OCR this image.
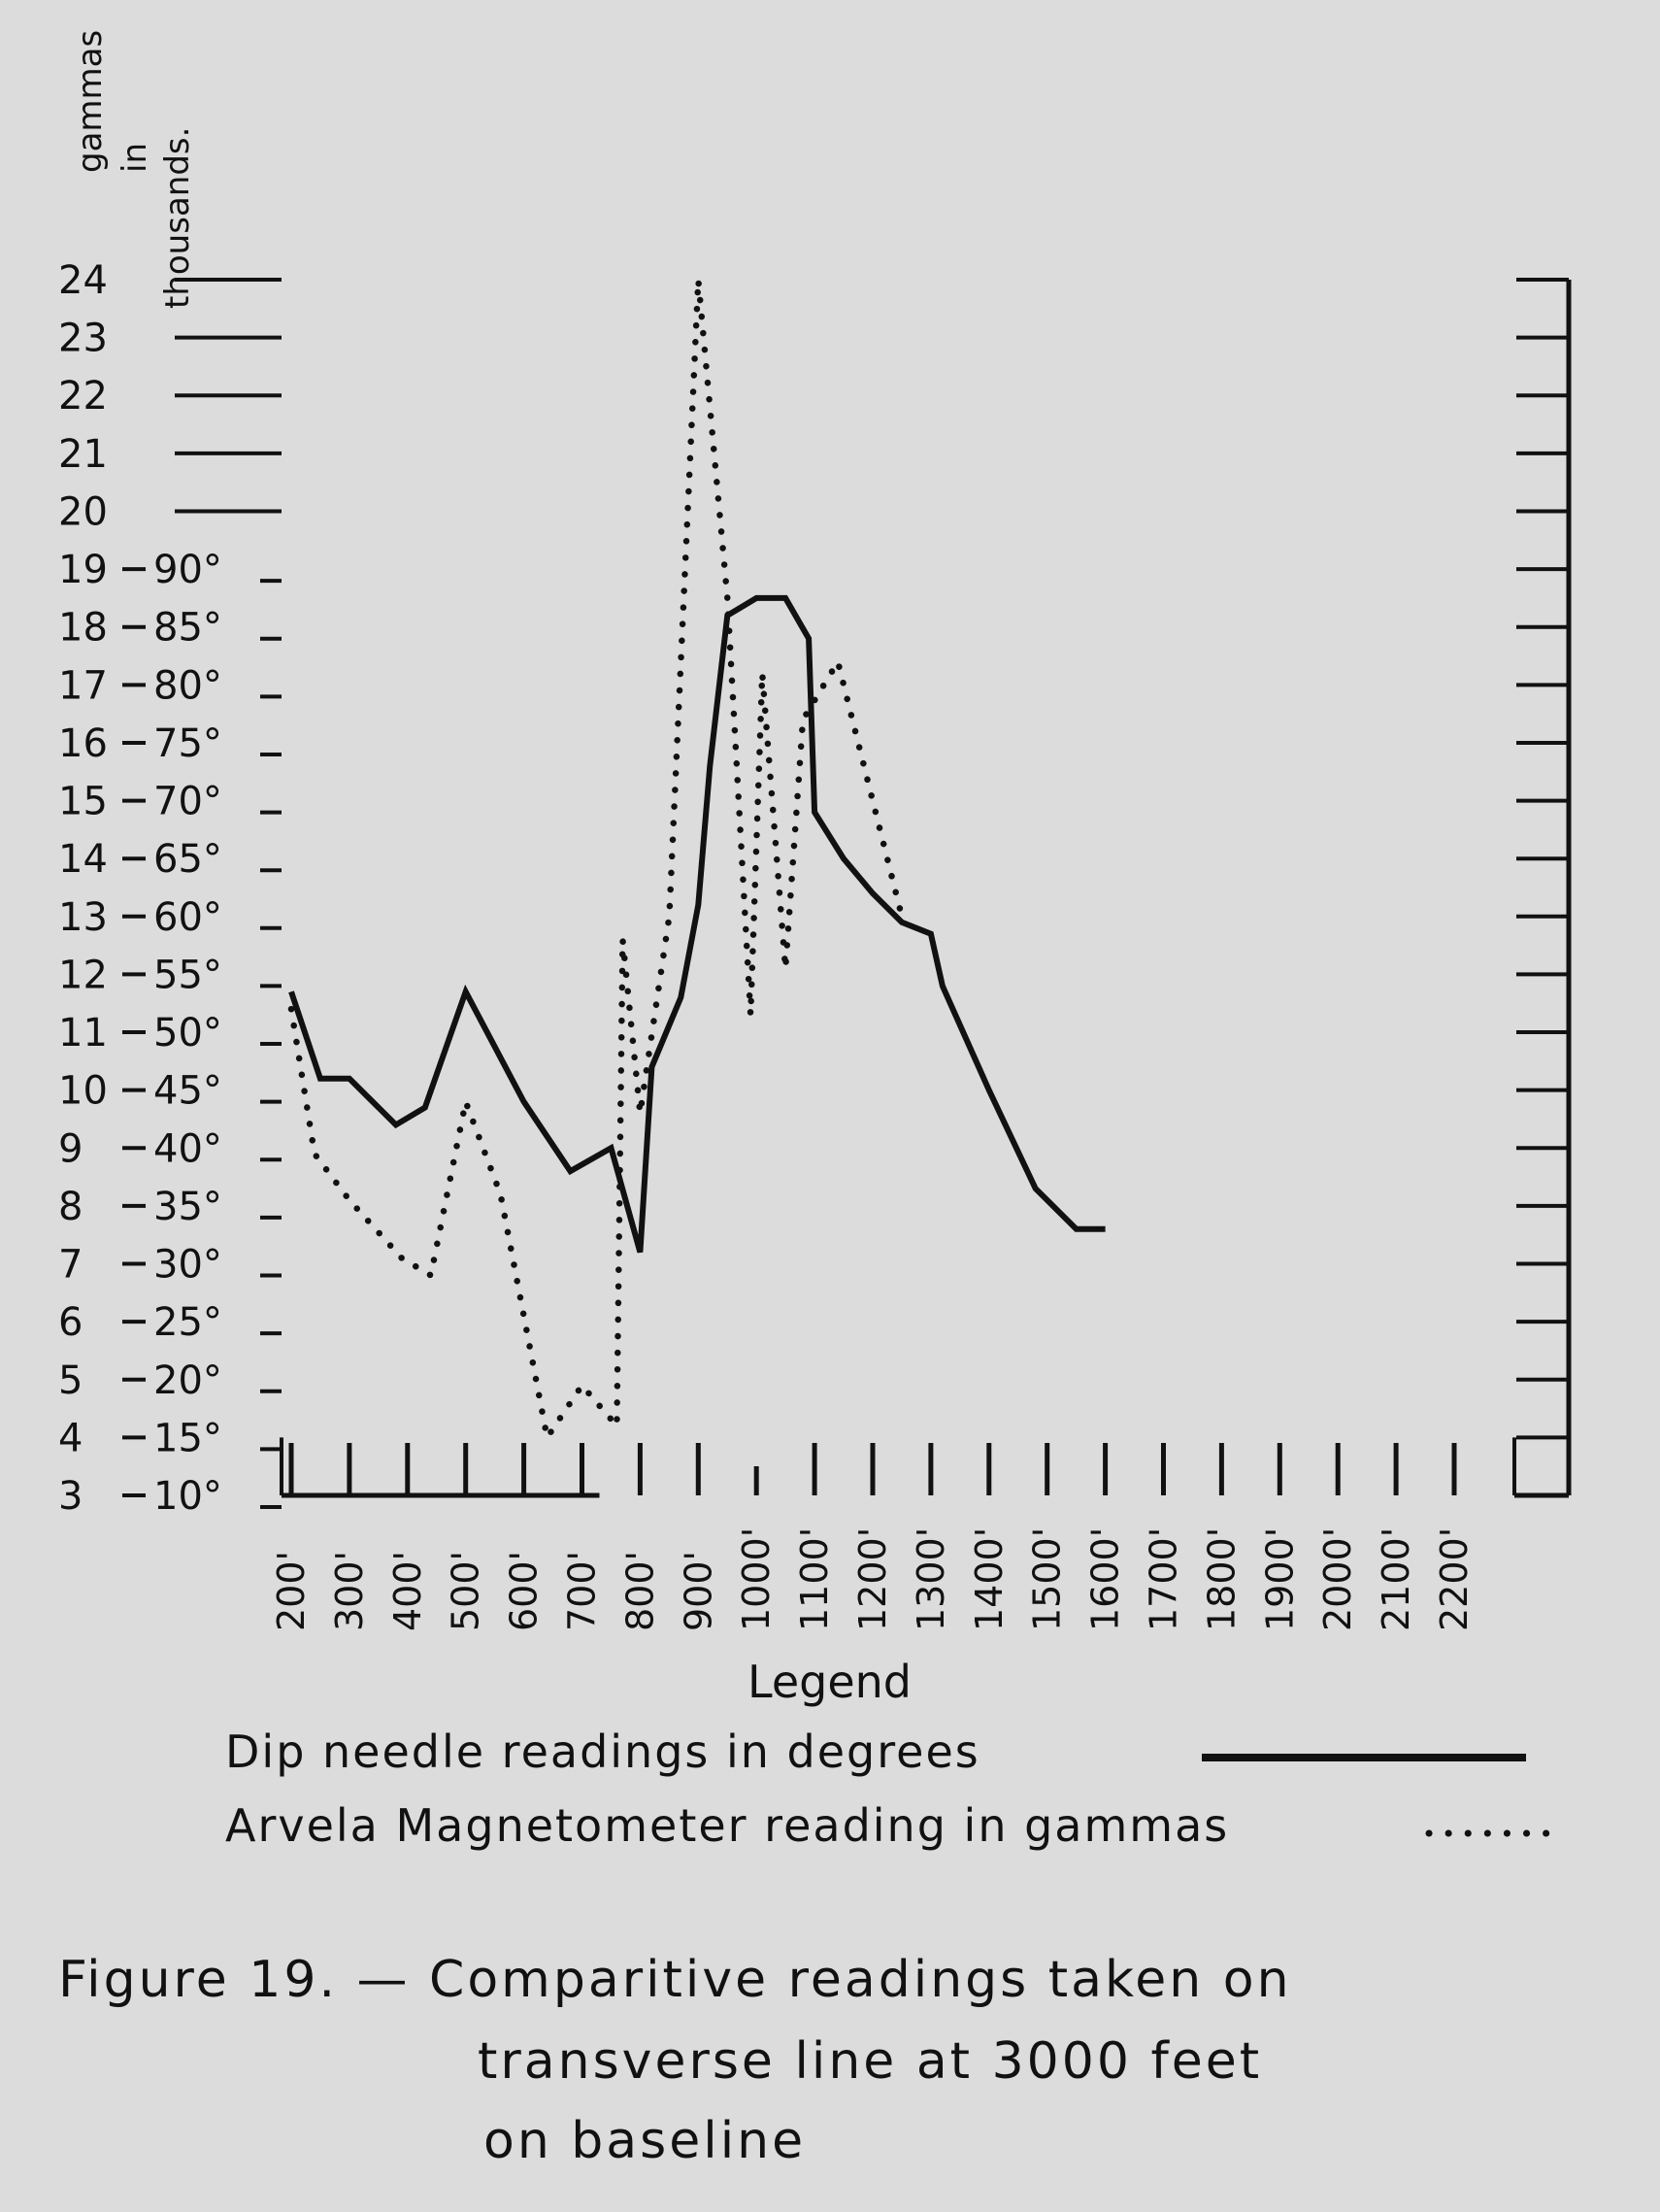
gammas in thousands.
3
4
5
6
7
8
9
10
11
12
13
14
15
16
17
18
19
20
21
22
23
24
10°
15°
20°
25°
30°
35°
40°
45°
50°
55°
60°
65°
70°
75°
80°
85°
90°
200' 300' 400' 500' 600' 700' 800' 900' 1000' 1100' 1200' 1300' 1400' 1500' 1600' 1700' 1800' 1900' 2000' 2100' 2200'
Legend
Dip needle readings in degrees
Arvela Magnetometer reading in gammas
Figure 19. — Comparitive readings taken on
transverse line at 3000 feet
on baseline
